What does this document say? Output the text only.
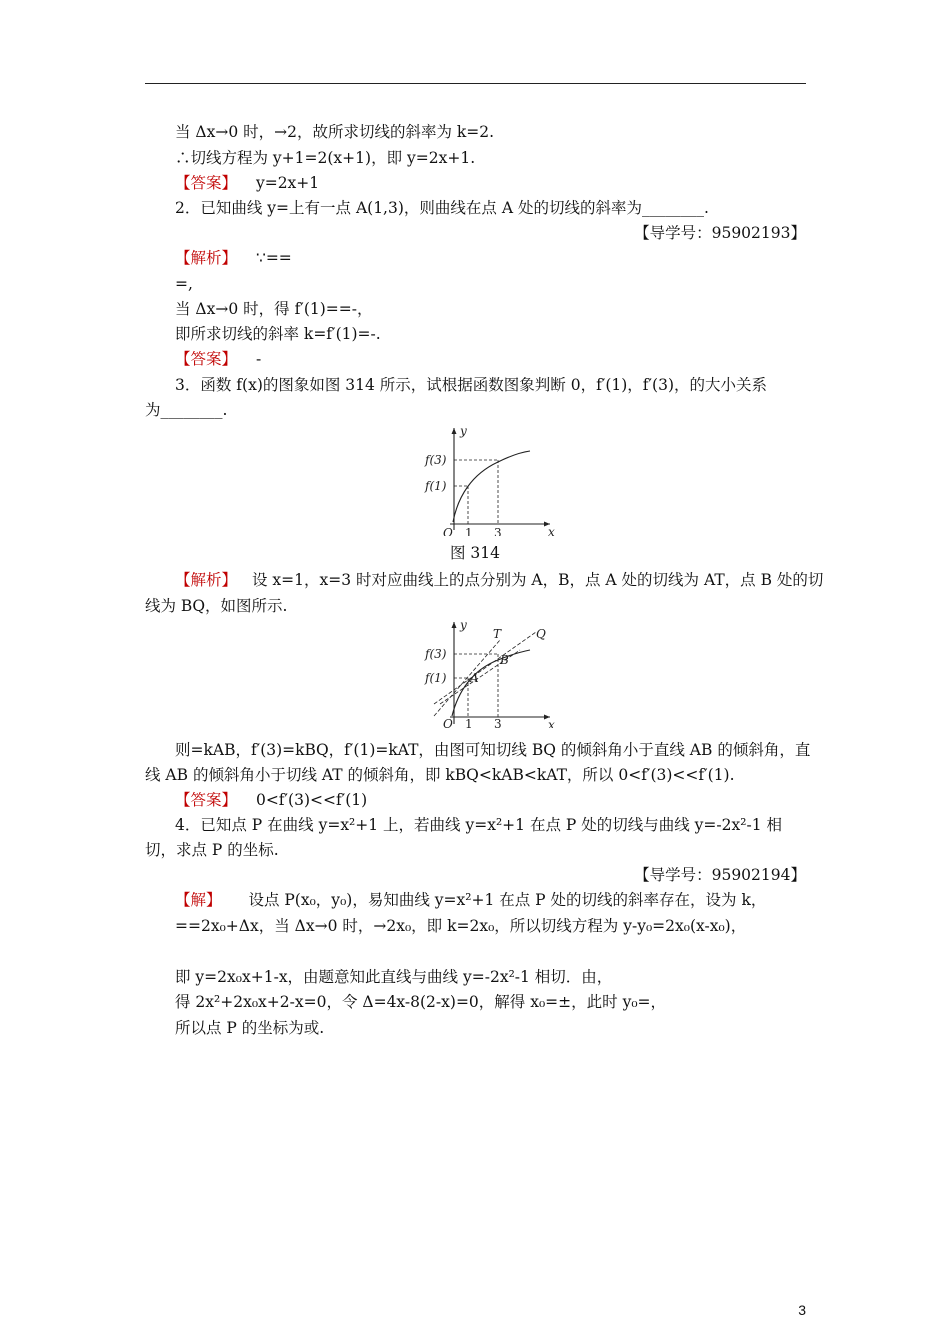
当 Δx→0 时，→2，故所求切线的斜率为 k=2.
∴切线方程为 y+1=2(x+1)，即 y=2x+1.
【答案】 y=2x+1
2．已知曲线 y=上有一点 A(1,3)，则曲线在点 A 处的切线的斜率为________.
【导学号：95902193】
【解析】 ∵==
=,
当 Δx→0 时，得 f′(1)==-，
即所求切线的斜率 k=f′(1)=-.
【答案】 -
3．函数 f(x)的图象如图 314 所示，试根据函数图象判断 0，f′(1)，f′(3)，的大小关系
为________.
y
x
O 1 3
f(3)
f(1)
图 314
【解析】 设 x=1，x=3 时对应曲线上的点分别为 A，B，点 A 处的切线为 AT，点 B 处的切
线为 BQ，如图所示.
y
x
O 1 3
f(3)
f(1)
T	Q
A
B
则=kAB，f′(3)=kBQ，f′(1)=kAT，由图可知切线 BQ 的倾斜角小于直线 AB 的倾斜角，直
线 AB 的倾斜角小于切线 AT 的倾斜角，即 kBQ<kAB<kAT，所以 0<f′(3)<<f′(1).
【答案】 0<f′(3)<<f′(1)
4．已知点 P 在曲线 y=x²+1 上，若曲线 y=x²+1 在点 P 处的切线与曲线 y=-2x²-1 相
切，求点 P 的坐标.
【导学号：95902194】
【解】 设点 P(x₀，y₀)，易知曲线 y=x²+1 在点 P 处的切线的斜率存在，设为 k，
==2x₀+Δx，当 Δx→0 时，→2x₀，即 k=2x₀，所以切线方程为 y-y₀=2x₀(x-x₀)，
即 y=2x₀x+1-x，由题意知此直线与曲线 y=-2x²-1 相切．由，
得 2x²+2x₀x+2-x=0，令 Δ=4x-8(2-x)=0，解得 x₀=±，此时 y₀=，
所以点 P 的坐标为或.
3
